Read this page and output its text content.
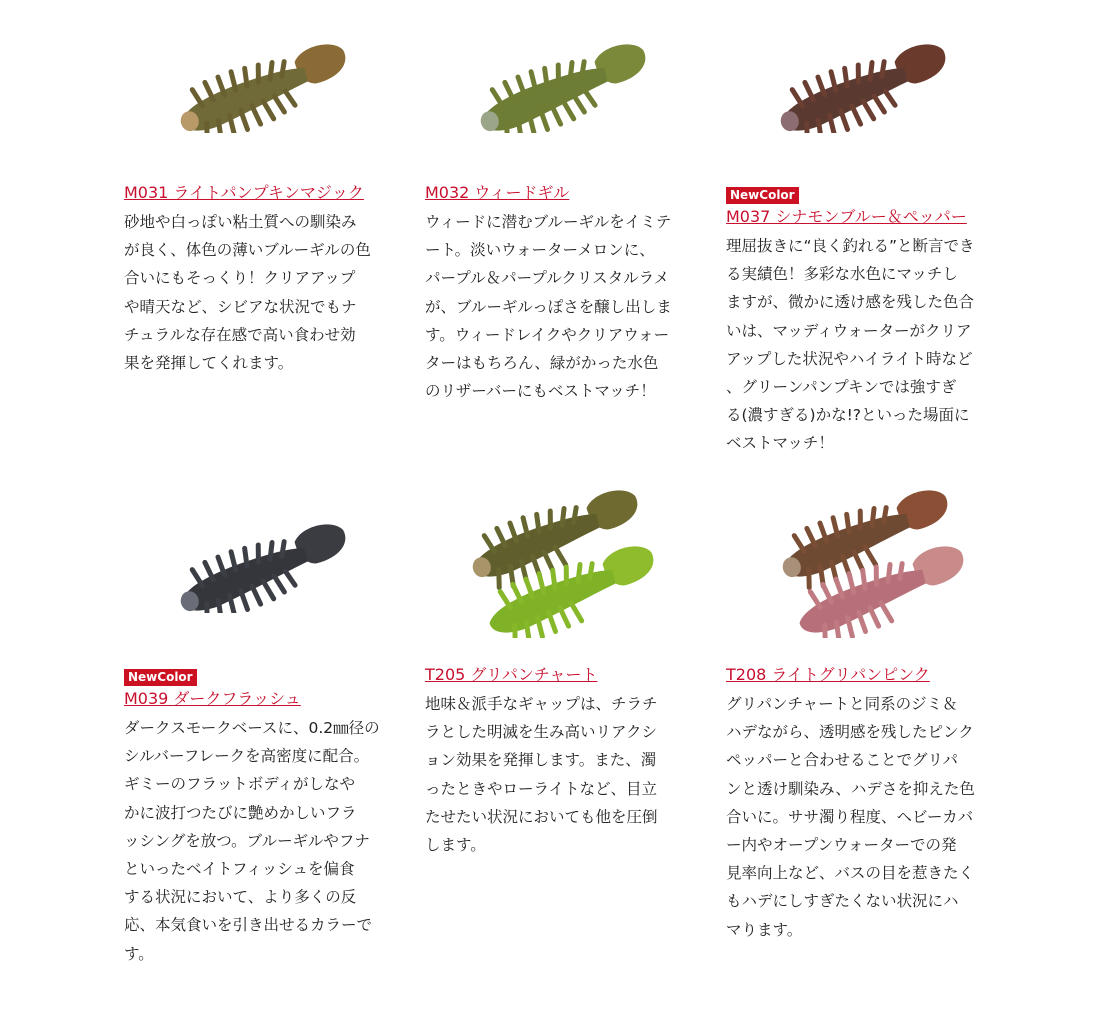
M031 ライトパンプキンマジック

砂地や白っぽい粘土質への馴染み
が良く、体色の薄いブルーギルの色
合いにもそっくり！クリアアップ
や晴天など、シビアな状況でもナ
チュラルな存在感で高い食わせ効
果を発揮してくれます。

M032 ウィードギル

ウィードに潜むブルーギルをイミテ
ート。淡いウォーターメロンに、
パープル＆パープルクリスタルラメ
が、ブルーギルっぽさを醸し出しま
す。ウィードレイクやクリアウォー
ターはもちろん、緑がかった水色
のリザーバーにもベストマッチ！

NewColor
M037 シナモンブルー＆ペッパー

理屈抜きに“良く釣れる”と断言でき
る実績色！多彩な水色にマッチし
ますが、微かに透け感を残した色合
いは、マッディウォーターがクリア
アップした状況やハイライト時など
、グリーンパンプキンでは強すぎ
る(濃すぎる)かな!?といった場面に
ベストマッチ！

NewColor
M039 ダークフラッシュ

ダークスモークベースに、0.2㎜径の
シルバーフレークを高密度に配合。
ギミーのフラットボディがしなや
かに波打つたびに艶めかしいフラ
ッシングを放つ。ブルーギルやフナ
といったベイトフィッシュを偏食
する状況において、より多くの反
応、本気食いを引き出せるカラーで
す。

T205 グリパンチャート

地味＆派手なギャップは、チラチ
ラとした明滅を生み高いリアクシ
ョン効果を発揮します。また、濁
ったときやローライトなど、目立
たせたい状況においても他を圧倒
します。

T208 ライトグリパンピンク

グリパンチャートと同系のジミ＆
ハデながら、透明感を残したピンク
ペッパーと合わせることでグリパ
ンと透け馴染み、ハデさを抑えた色
合いに。ササ濁り程度、ヘビーカバ
ー内やオープンウォーターでの発
見率向上など、バスの目を惹きたく
もハデにしすぎたくない状況にハ
マります。
